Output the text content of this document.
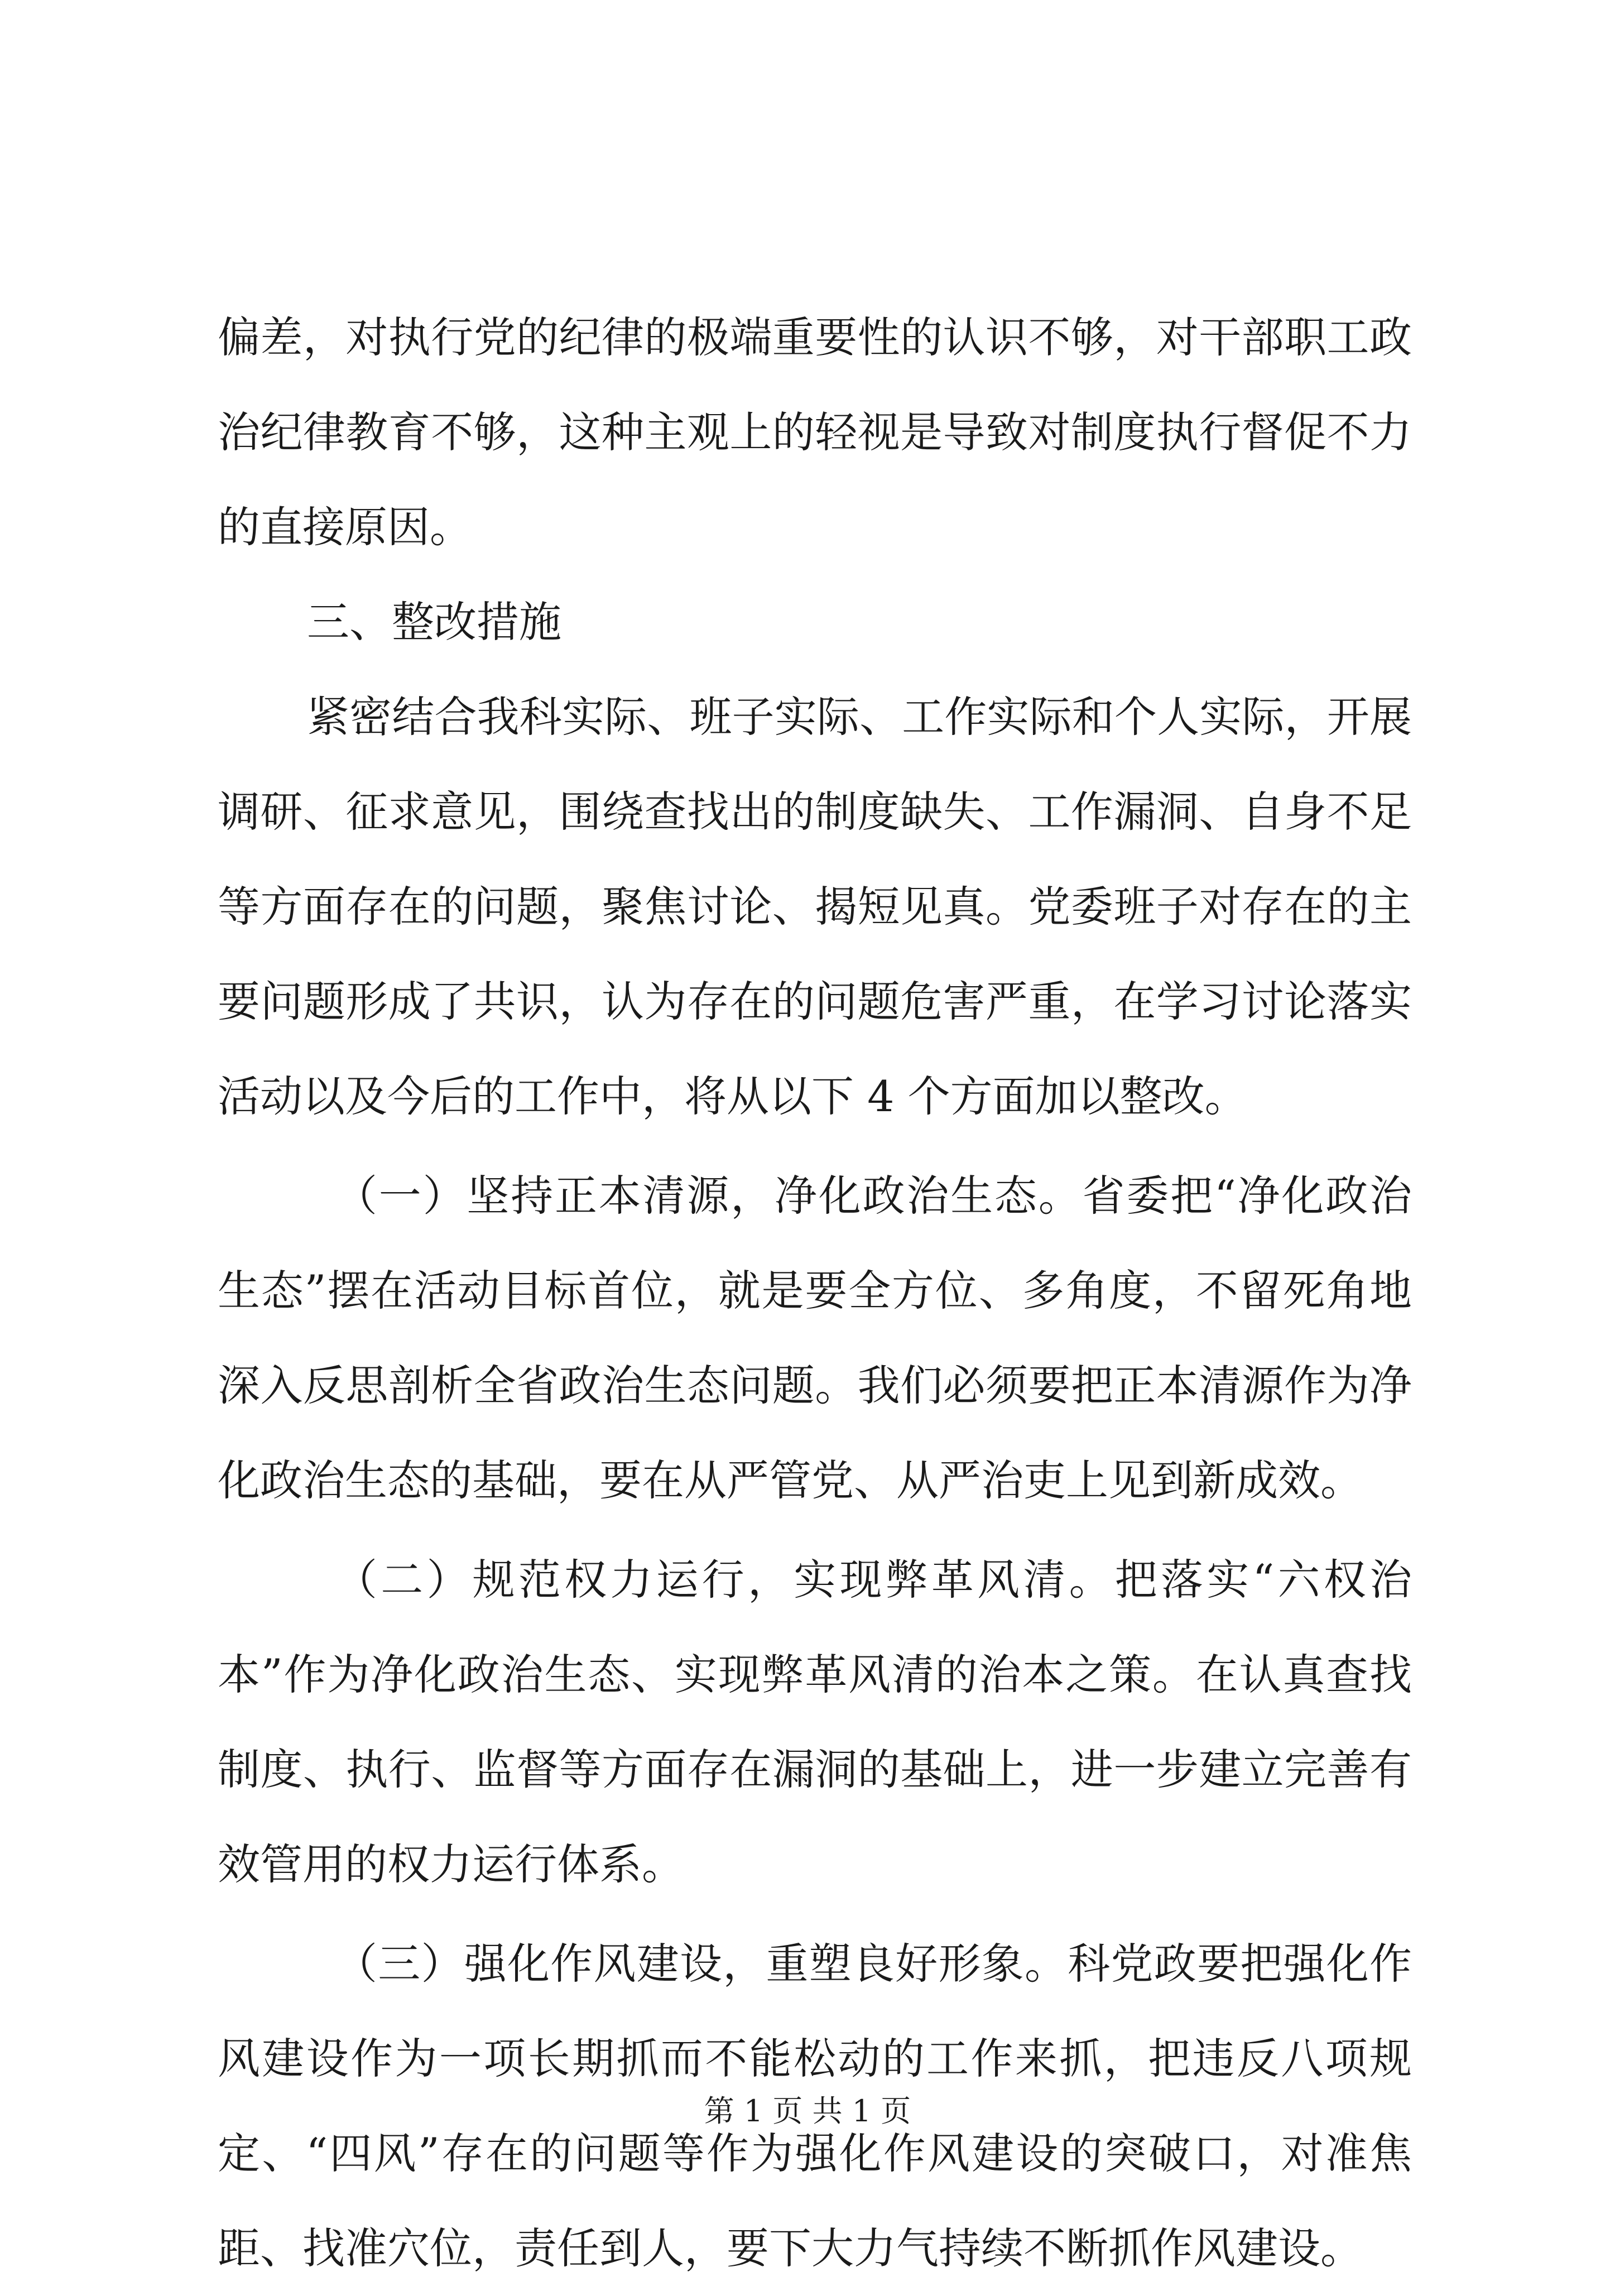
偏差，对执行党的纪律的极端重要性的认识不够，对干部职工政治纪律教育不够，这种主观上的轻视是导致对制度执行督促不力的直接原因。

三、整改措施

紧密结合我科实际、班子实际、工作实际和个人实际，开展调研、征求意见，围绕查找出的制度缺失、工作漏洞、自身不足等方面存在的问题，聚焦讨论、揭短见真。党委班子对存在的主要问题形成了共识，认为存在的问题危害严重，在学习讨论落实活动以及今后的工作中，将从以下 4 个方面加以整改。

（一）坚持正本清源，净化政治生态。省委把“净化政治生态”摆在活动目标首位，就是要全方位、多角度，不留死角地深入反思剖析全省政治生态问题。我们必须要把正本清源作为净化政治生态的基础，要在从严管党、从严治吏上见到新成效。

（二）规范权力运行，实现弊革风清。把落实“六权治本”作为净化政治生态、实现弊革风清的治本之策。在认真查找制度、执行、监督等方面存在漏洞的基础上，进一步建立完善有效管用的权力运行体系。

（三）强化作风建设，重塑良好形象。科党政要把强化作风建设作为一项长期抓而不能松动的工作来抓，把违反八项规定、“四风”存在的问题等作为强化作风建设的突破口，对准焦距、找准穴位，责任到人，要下大力气持续不断抓作风建设。

第 1 页 共 1 页
